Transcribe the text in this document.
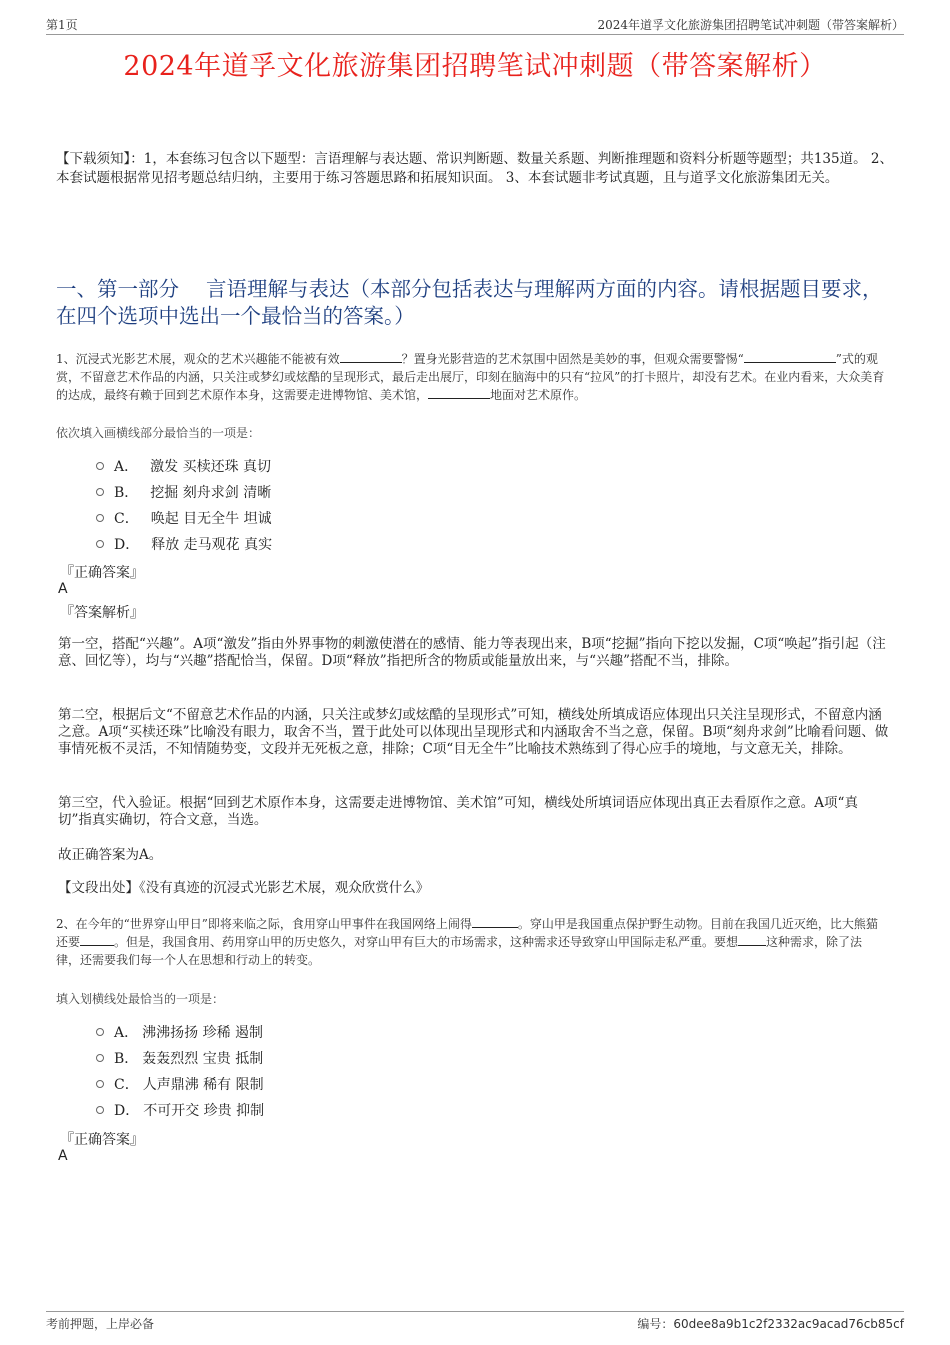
第1页	2024年道孚文化旅游集团招聘笔试冲刺题（带答案解析）
2024年道孚文化旅游集团招聘笔试冲刺题（带答案解析）
【下载须知】：1，本套练习包含以下题型：言语理解与表达题、常识判断题、数量关系题、判断推理题和资料分析题等题型；共135道。 2、本套试题根据常见招考题总结归纳，主要用于练习答题思路和拓展知识面。 3、本套试题非考试真题，且与道孚文化旅游集团无关。
一、第一部分　 言语理解与表达（本部分包括表达与理解两方面的内容。请根据题目要求，在四个选项中选出一个最恰当的答案。）
1、沉浸式光影艺术展，观众的艺术兴趣能不能被有效	？置身光影营造的艺术氛围中固然是美妙的事，但观众需要警惕“	”式的观赏，不留意艺术作品的内涵，只关注或梦幻或炫酷的呈现形式，最后走出展厅，印刻在脑海中的只有“拉风”的打卡照片，却没有艺术。在业内看来，大众美育的达成，最终有赖于回到艺术原作本身，这需要走进博物馆、美术馆，	地面对艺术原作。
依次填入画横线部分最恰当的一项是：
A． 激发 买椟还珠 真切
B． 挖掘 刻舟求剑 清晰
C． 唤起 目无全牛 坦诚
D． 释放 走马观花 真实
『正确答案』
A
『答案解析』
第一空，搭配“兴趣”。A项“激发”指由外界事物的刺激使潜在的感情、能力等表现出来，B项“挖掘”指向下挖以发掘，C项“唤起”指引起（注意、回忆等），均与“兴趣”搭配恰当，保留。D项“释放”指把所含的物质或能量放出来，与“兴趣”搭配不当，排除。
第二空，根据后文“不留意艺术作品的内涵，只关注或梦幻或炫酷的呈现形式”可知，横线处所填成语应体现出只关注呈现形式，不留意内涵之意。A项“买椟还珠”比喻没有眼力，取舍不当，置于此处可以体现出呈现形式和内涵取舍不当之意，保留。B项“刻舟求剑”比喻看问题、做事情死板不灵活，不知情随势变，文段并无死板之意，排除；C项“目无全牛”比喻技术熟练到了得心应手的境地，与文意无关，排除。
第三空，代入验证。根据“回到艺术原作本身，这需要走进博物馆、美术馆”可知，横线处所填词语应体现出真正去看原作之意。A项“真切”指真实确切，符合文意，当选。
故正确答案为A。
【文段出处】《没有真迹的沉浸式光影艺术展，观众欣赏什么》
2、在今年的“世界穿山甲日”即将来临之际，食用穿山甲事件在我国网络上闹得	。穿山甲是我国重点保护野生动物。目前在我国几近灭绝，比大熊猫还要	。但是，我国食用、药用穿山甲的历史悠久，对穿山甲有巨大的市场需求，这种需求还导致穿山甲国际走私严重。要想 这种需求，除了法律，还需要我们每一个人在思想和行动上的转变。
填入划横线处最恰当的一项是：
A． 沸沸扬扬 珍稀 遏制
B． 轰轰烈烈 宝贵 抵制
C． 人声鼎沸 稀有 限制
D． 不可开交 珍贵 抑制
『正确答案』
A
考前押题，上岸必备	编号：60dee8a9b1c2f2332ac9acad76cb85cf
